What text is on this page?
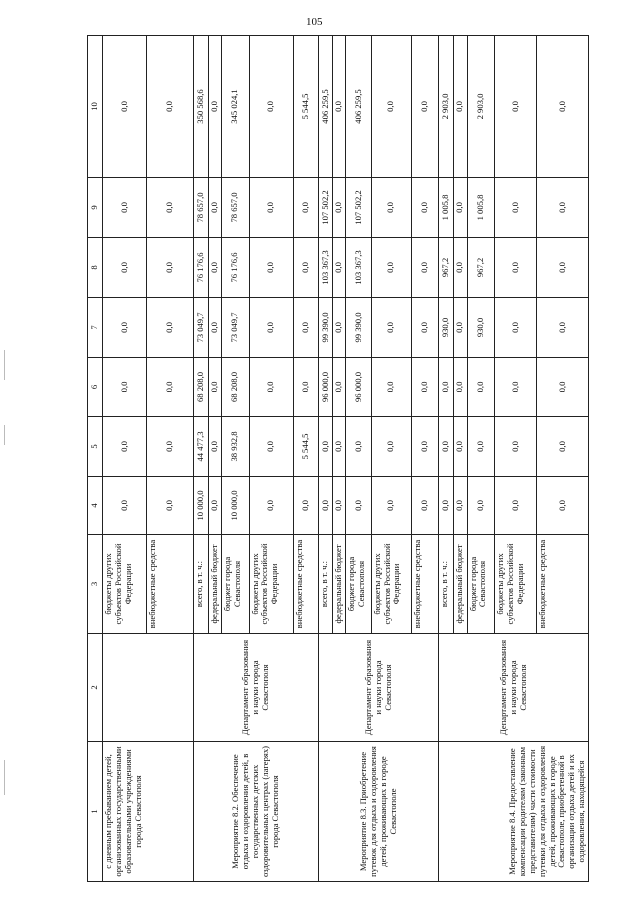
105
1	2	3	4	5	6	7	8	9	10
с дневным пребыванием детей, организованных государственными образовательными учреждениями города Севастополя		бюджеты других субъектов Российской Федерации	0,0	0,0	0,0	0,0	0,0	0,0	0,0
		внебюджетные средства	0,0	0,0	0,0	0,0	0,0	0,0	0,0
Мероприятие 8.2. Обеспечение отдыха и оздоровления детей, в государственных детских оздоровительных центрах (лагерях) города Севастополя	Департамент образования и науки города Севастополя	всего, в т. ч.:	10 000,0	44 477,3	68 208,0	73 049,7	76 176,6	78 657,0	350 568,6
		федеральный бюджет	0,0	0,0	0,0	0,0	0,0	0,0	0,0
		бюджет города Севастополя	10 000,0	38 932,8	68 208,0	73 049,7	76 176,6	78 657,0	345 024,1
		бюджеты других субъектов Российской Федерации	0,0	0,0	0,0	0,0	0,0	0,0	0,0
		внебюджетные средства	0,0	5 544,5	0,0	0,0	0,0	0,0	5 544,5
Мероприятие 8.3. Приобретение путевок для отдыха и оздоровления детей, проживающих в городе Севастополе	Департамент образования и науки города Севастополя	всего, в т. ч.:	0,0	0,0	96 000,0	99 390,0	103 367,3	107 502,2	406 259,5
		федеральный бюджет	0,0	0,0	0,0	0,0	0,0	0,0	0,0
		бюджет города Севастополя	0,0	0,0	96 000,0	99 390,0	103 367,3	107 502,2	406 259,5
		бюджеты других субъектов Российской Федерации	0,0	0,0	0,0	0,0	0,0	0,0	0,0
		внебюджетные средства	0,0	0,0	0,0	0,0	0,0	0,0	0,0
Мероприятие 8.4. Предоставление компенсации родителям (законным представителям) части стоимости путевки для отдыха и оздоровления детей, проживающих в городе Севастополе, приобретенной в организации отдыха детей и их оздоровления, находящейся	Департамент образования и науки города Севастополя	всего, в т. ч.:	0,0	0,0	0,0	930,0	967,2	1 005,8	2 903,0
		федеральный бюджет	0,0	0,0	0,0	0,0	0,0	0,0	0,0
		бюджет города Севастополя	0,0	0,0	0,0	930,0	967,2	1 005,8	2 903,0
		бюджеты других субъектов Российской Федерации	0,0	0,0	0,0	0,0	0,0	0,0	0,0
		внебюджетные средства	0,0	0,0	0,0	0,0	0,0	0,0	0,0
